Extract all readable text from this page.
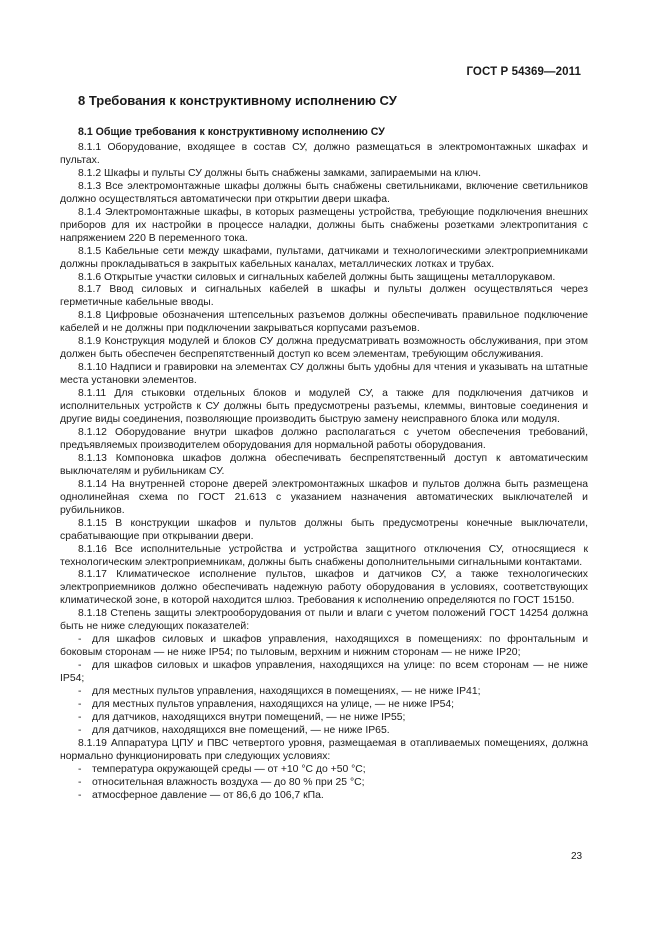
ГОСТ Р 54369—2011
8 Требования к конструктивному исполнению СУ
8.1 Общие требования к конструктивному исполнению СУ

8.1.1 Оборудование, входящее в состав СУ, должно размещаться в электромонтажных шкафах и пультах.

8.1.2 Шкафы и пульты СУ должны быть снабжены замками, запираемыми на ключ.

8.1.3 Все электромонтажные шкафы должны быть снабжены светильниками, включение светильников должно осуществляться автоматически при открытии двери шкафа.

8.1.4 Электромонтажные шкафы, в которых размещены устройства, требующие подключения внешних приборов для их настройки в процессе наладки, должны быть снабжены розетками электропитания с напряжением 220 В переменного тока.

8.1.5 Кабельные сети между шкафами, пультами, датчиками и технологическими электроприемниками должны прокладываться в закрытых кабельных каналах, металлических лотках и трубах.

8.1.6 Открытые участки силовых и сигнальных кабелей должны быть защищены металлорукавом.

8.1.7 Ввод силовых и сигнальных кабелей в шкафы и пульты должен осуществляться через герметичные кабельные вводы.

8.1.8 Цифровые обозначения штепсельных разъемов должны обеспечивать правильное подключение кабелей и не должны при подключении закрываться корпусами разъемов.

8.1.9 Конструкция модулей и блоков СУ должна предусматривать возможность обслуживания, при этом должен быть обеспечен беспрепятственный доступ ко всем элементам, требующим обслуживания.

8.1.10 Надписи и гравировки на элементах СУ должны быть удобны для чтения и указывать на штатные места установки элементов.

8.1.11 Для стыковки отдельных блоков и модулей СУ, а также для подключения датчиков и исполнительных устройств к СУ должны быть предусмотрены разъемы, клеммы, винтовые соединения и другие виды соединения, позволяющие производить быструю замену неисправного блока или модуля.

8.1.12 Оборудование внутри шкафов должно располагаться с учетом обеспечения требований, предъявляемых производителем оборудования для нормальной работы оборудования.

8.1.13 Компоновка шкафов должна обеспечивать беспрепятственный доступ к автоматическим выключателям и рубильникам СУ.

8.1.14 На внутренней стороне дверей электромонтажных шкафов и пультов должна быть размещена однолинейная схема по ГОСТ 21.613 с указанием назначения автоматических выключателей и рубильников.

8.1.15 В конструкции шкафов и пультов должны быть предусмотрены конечные выключатели, срабатывающие при открывании двери.

8.1.16 Все исполнительные устройства и устройства защитного отключения СУ, относящиеся к технологическим электроприемникам, должны быть снабжены дополнительными сигнальными контактами.

8.1.17 Климатическое исполнение пультов, шкафов и датчиков СУ, а также технологических электроприемников должно обеспечивать надежную работу оборудования в условиях, соответствующих климатической зоне, в которой находится шлюз. Требования к исполнению определяются по ГОСТ 15150.

8.1.18 Степень защиты электрооборудования от пыли и влаги с учетом положений ГОСТ 14254 должна быть не ниже следующих показателей:

- для шкафов силовых и шкафов управления, находящихся в помещениях: по фронтальным и боковым сторонам — не ниже IP54; по тыловым, верхним и нижним сторонам — не ниже IP20;

- для шкафов силовых и шкафов управления, находящихся на улице: по всем сторонам — не ниже IP54;

- для местных пультов управления, находящихся в помещениях, — не ниже IP41;

- для местных пультов управления, находящихся на улице, — не ниже IP54;

- для датчиков, находящихся внутри помещений, — не ниже IP55;

- для датчиков, находящихся вне помещений, — не ниже IP65.

8.1.19 Аппаратура ЦПУ и ПВС четвертого уровня, размещаемая в отапливаемых помещениях, должна нормально функционировать при следующих условиях:

- температура окружающей среды — от +10 °С до +50 °С;

- относительная влажность воздуха — до 80 % при 25 °С;

- атмосферное давление — от 86,6 до 106,7 кПа.

23
